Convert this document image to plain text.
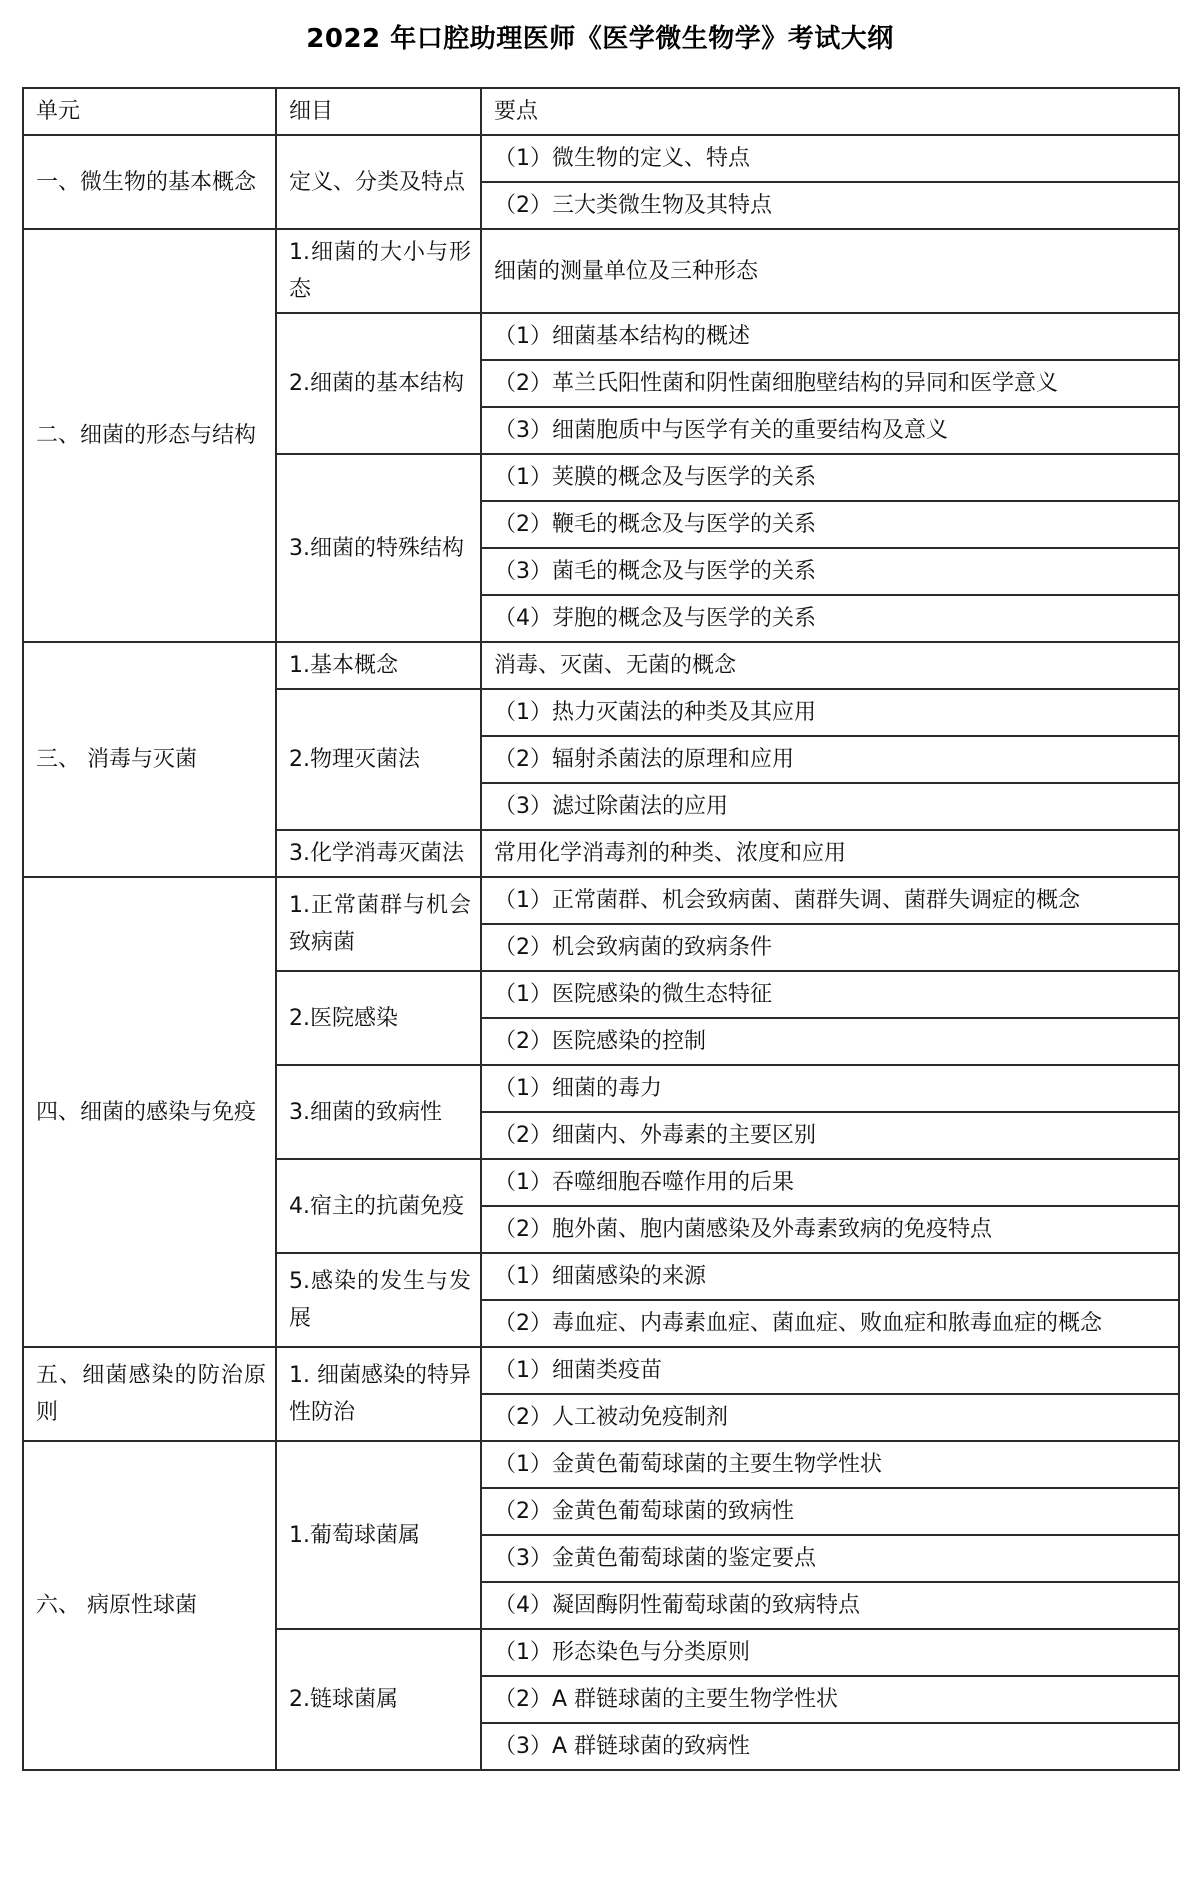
2022 年口腔助理医师《医学微生物学》考试大纲
单元	细目	要点
一、微生物的基本概念	定义、分类及特点	（1）微生物的定义、特点
		（2）三大类微生物及其特点
二、细菌的形态与结构	1.细菌的大小与形态	细菌的测量单位及三种形态
	2.细菌的基本结构	（1）细菌基本结构的概述
		（2）革兰氏阳性菌和阴性菌细胞壁结构的异同和医学意义
		（3）细菌胞质中与医学有关的重要结构及意义
	3.细菌的特殊结构	（1）荚膜的概念及与医学的关系
		（2）鞭毛的概念及与医学的关系
		（3）菌毛的概念及与医学的关系
		（4）芽胞的概念及与医学的关系
三、 消毒与灭菌	1.基本概念	消毒、灭菌、无菌的概念
	2.物理灭菌法	（1）热力灭菌法的种类及其应用
		（2）辐射杀菌法的原理和应用
		（3）滤过除菌法的应用
	3.化学消毒灭菌法	常用化学消毒剂的种类、浓度和应用
四、细菌的感染与免疫	1.正常菌群与机会致病菌	（1）正常菌群、机会致病菌、菌群失调、菌群失调症的概念
		（2）机会致病菌的致病条件
	2.医院感染	（1）医院感染的微生态特征
		（2）医院感染的控制
	3.细菌的致病性	（1）细菌的毒力
		（2）细菌内、外毒素的主要区别
	4.宿主的抗菌免疫	（1）吞噬细胞吞噬作用的后果
		（2）胞外菌、胞内菌感染及外毒素致病的免疫特点
	5.感染的发生与发展	（1）细菌感染的来源
		（2）毒血症、内毒素血症、菌血症、败血症和脓毒血症的概念
五、细菌感染的防治原则	1. 细菌感染的特异性防治	（1）细菌类疫苗
		（2）人工被动免疫制剂
六、 病原性球菌	1.葡萄球菌属	（1）金黄色葡萄球菌的主要生物学性状
		（2）金黄色葡萄球菌的致病性
		（3）金黄色葡萄球菌的鉴定要点
		（4）凝固酶阴性葡萄球菌的致病特点
	2.链球菌属	（1）形态染色与分类原则
		（2）A 群链球菌的主要生物学性状
		（3）A 群链球菌的致病性
